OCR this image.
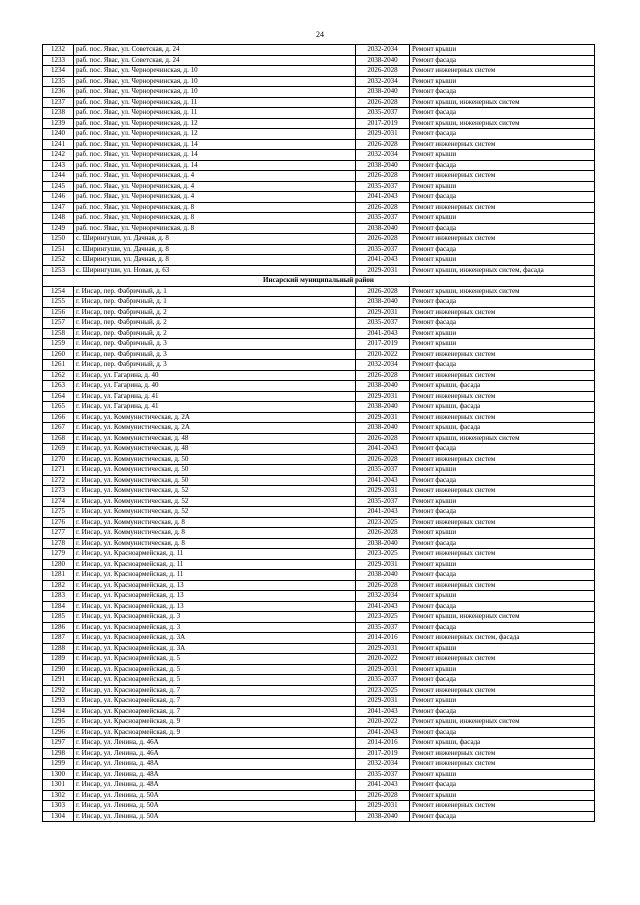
24
1232	раб. пос. Явас, ул. Советская, д. 24	2032-2034	Ремонт крыши
1233	раб. пос. Явас, ул. Советская, д. 24	2038-2040	Ремонт фасада
1234	раб. пос. Явас, ул. Черноречинская, д. 10	2026-2028	Ремонт инженерных систем
1235	раб. пос. Явас, ул. Черноречинская, д. 10	2032-2034	Ремонт крыши
1236	раб. пос. Явас, ул. Черноречинская, д. 10	2038-2040	Ремонт фасада
1237	раб. пос. Явас, ул. Черноречинская, д. 11	2026-2028	Ремонт крыши, инженерных систем
1238	раб. пос. Явас, ул. Черноречинская, д. 11	2035-2037	Ремонт фасада
1239	раб. пос. Явас, ул. Черноречинская, д. 12	2017-2019	Ремонт крыши, инженерных систем
1240	раб. пос. Явас, ул. Черноречинская, д. 12	2029-2031	Ремонт фасада
1241	раб. пос. Явас, ул. Черноречинская, д. 14	2026-2028	Ремонт инженерных систем
1242	раб. пос. Явас, ул. Черноречинская, д. 14	2032-2034	Ремонт крыши
1243	раб. пос. Явас, ул. Черноречинская, д. 14	2038-2040	Ремонт фасада
1244	раб. пос. Явас, ул. Черноречинская, д. 4	2026-2028	Ремонт инженерных систем
1245	раб. пос. Явас, ул. Черноречинская, д. 4	2035-2037	Ремонт крыши
1246	раб. пос. Явас, ул. Черноречинская, д. 4	2041-2043	Ремонт фасада
1247	раб. пос. Явас, ул. Черноречинская, д. 8	2026-2028	Ремонт инженерных систем
1248	раб. пос. Явас, ул. Черноречинская, д. 8	2035-2037	Ремонт крыши
1249	раб. пос. Явас, ул. Черноречинская, д. 8	2038-2040	Ремонт фасада
1250	с. Ширингуши, ул. Дачная, д. 8	2026-2028	Ремонт инженерных систем
1251	с. Ширингуши, ул. Дачная, д. 8	2035-2037	Ремонт фасада
1252	с. Ширингуши, ул. Дачная, д. 8	2041-2043	Ремонт крыши
1253	с. Ширингуши, ул. Новая, д. 63	2029-2031	Ремонт крыши, инженерных систем, фасада
Инсарский муниципальный район			
1254	г. Инсар, пер. Фабричный, д. 1	2026-2028	Ремонт крыши, инженерных систем
1255	г. Инсар, пер. Фабричный, д. 1	2038-2040	Ремонт фасада
1256	г. Инсар, пер. Фабричный, д. 2	2029-2031	Ремонт инженерных систем
1257	г. Инсар, пер. Фабричный, д. 2	2035-2037	Ремонт фасада
1258	г. Инсар, пер. Фабричный, д. 2	2041-2043	Ремонт крыши
1259	г. Инсар, пер. Фабричный, д. 3	2017-2019	Ремонт крыши
1260	г. Инсар, пер. Фабричный, д. 3	2020-2022	Ремонт инженерных систем
1261	г. Инсар, пер. Фабричный, д. 3	2032-2034	Ремонт фасада
1262	г. Инсар, ул. Гагарина, д. 40	2026-2028	Ремонт инженерных систем
1263	г. Инсар, ул. Гагарина, д. 40	2038-2040	Ремонт крыши, фасада
1264	г. Инсар, ул. Гагарина, д. 41	2029-2031	Ремонт инженерных систем
1265	г. Инсар, ул. Гагарина, д. 41	2038-2040	Ремонт крыши, фасада
1266	г. Инсар, ул. Коммунистическая, д. 2А	2029-2031	Ремонт инженерных систем
1267	г. Инсар, ул. Коммунистическая, д. 2А	2038-2040	Ремонт крыши, фасада
1268	г. Инсар, ул. Коммунистическая, д. 48	2026-2028	Ремонт крыши, инженерных систем
1269	г. Инсар, ул. Коммунистическая, д. 48	2041-2043	Ремонт фасада
1270	г. Инсар, ул. Коммунистическая, д. 50	2026-2028	Ремонт инженерных систем
1271	г. Инсар, ул. Коммунистическая, д. 50	2035-2037	Ремонт крыши
1272	г. Инсар, ул. Коммунистическая, д. 50	2041-2043	Ремонт фасада
1273	г. Инсар, ул. Коммунистическая, д. 52	2029-2031	Ремонт инженерных систем
1274	г. Инсар, ул. Коммунистическая, д. 52	2035-2037	Ремонт крыши
1275	г. Инсар, ул. Коммунистическая, д. 52	2041-2043	Ремонт фасада
1276	г. Инсар, ул. Коммунистическая, д. 8	2023-2025	Ремонт инженерных систем
1277	г. Инсар, ул. Коммунистическая, д. 8	2026-2028	Ремонт крыши
1278	г. Инсар, ул. Коммунистическая, д. 8	2038-2040	Ремонт фасада
1279	г. Инсар, ул. Красноармейская, д. 11	2023-2025	Ремонт инженерных систем
1280	г. Инсар, ул. Красноармейская, д. 11	2029-2031	Ремонт крыши
1281	г. Инсар, ул. Красноармейская, д. 11	2038-2040	Ремонт фасада
1282	г. Инсар, ул. Красноармейская, д. 13	2026-2028	Ремонт инженерных систем
1283	г. Инсар, ул. Красноармейская, д. 13	2032-2034	Ремонт крыши
1284	г. Инсар, ул. Красноармейская, д. 13	2041-2043	Ремонт фасада
1285	г. Инсар, ул. Красноармейская, д. 3	2023-2025	Ремонт крыши, инженерных систем
1286	г. Инсар, ул. Красноармейская, д. 3	2035-2037	Ремонт фасада
1287	г. Инсар, ул. Красноармейская, д. 3А	2014-2016	Ремонт инженерных систем, фасада
1288	г. Инсар, ул. Красноармейская, д. 3А	2029-2031	Ремонт крыши
1289	г. Инсар, ул. Красноармейская, д. 5	2020-2022	Ремонт инженерных систем
1290	г. Инсар, ул. Красноармейская, д. 5	2029-2031	Ремонт крыши
1291	г. Инсар, ул. Красноармейская, д. 5	2035-2037	Ремонт фасада
1292	г. Инсар, ул. Красноармейская, д. 7	2023-2025	Ремонт инженерных систем
1293	г. Инсар, ул. Красноармейская, д. 7	2029-2031	Ремонт крыши
1294	г. Инсар, ул. Красноармейская, д. 7	2041-2043	Ремонт фасада
1295	г. Инсар, ул. Красноармейская, д. 9	2020-2022	Ремонт крыши, инженерных систем
1296	г. Инсар, ул. Красноармейская, д. 9	2041-2043	Ремонт фасада
1297	г. Инсар, ул. Ленина, д. 46А	2014-2016	Ремонт крыши, фасада
1298	г. Инсар, ул. Ленина, д. 46А	2017-2019	Ремонт инженерных систем
1299	г. Инсар, ул. Ленина, д. 48А	2032-2034	Ремонт инженерных систем
1300	г. Инсар, ул. Ленина, д. 48А	2035-2037	Ремонт крыши
1301	г. Инсар, ул. Ленина, д. 48А	2041-2043	Ремонт фасада
1302	г. Инсар, ул. Ленина, д. 50А	2026-2028	Ремонт крыши
1303	г. Инсар, ул. Ленина, д. 50А	2029-2031	Ремонт инженерных систем
1304	г. Инсар, ул. Ленина, д. 50А	2038-2040	Ремонт фасада
